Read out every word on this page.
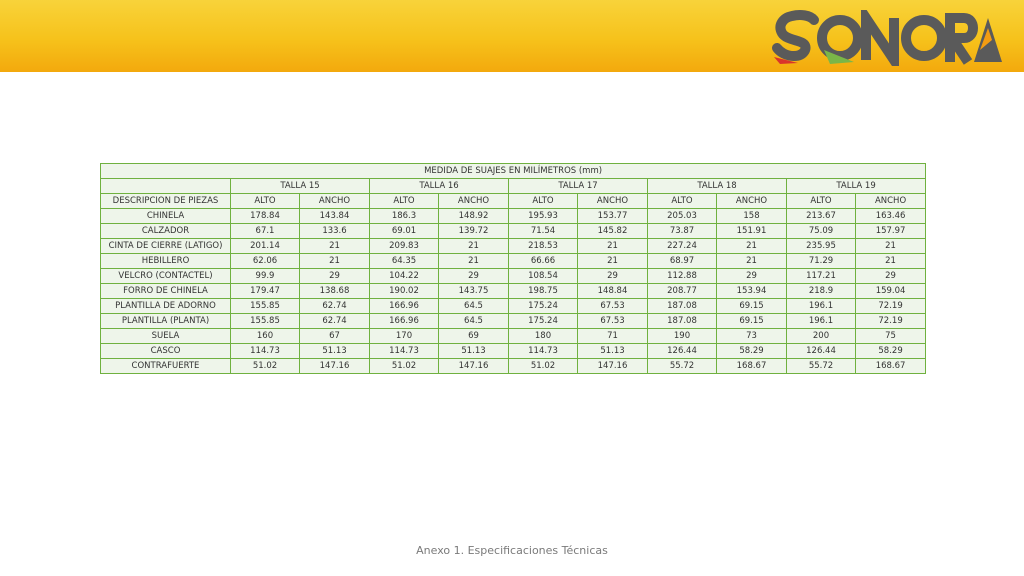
MEDIDA DE SUAJES EN MILÍMETROS (mm)										
	TALLA 15		TALLA 16		TALLA 17		TALLA 18		TALLA 19	
DESCRIPCION DE PIEZAS	ALTO	ANCHO	ALTO	ANCHO	ALTO	ANCHO	ALTO	ANCHO	ALTO	ANCHO
CHINELA	178.84	143.84	186.3	148.92	195.93	153.77	205.03	158	213.67	163.46
CALZADOR	67.1	133.6	69.01	139.72	71.54	145.82	73.87	151.91	75.09	157.97
CINTA DE CIERRE (LATIGO)	201.14	21	209.83	21	218.53	21	227.24	21	235.95	21
HEBILLERO	62.06	21	64.35	21	66.66	21	68.97	21	71.29	21
VELCRO (CONTACTEL)	99.9	29	104.22	29	108.54	29	112.88	29	117.21	29
FORRO DE CHINELA	179.47	138.68	190.02	143.75	198.75	148.84	208.77	153.94	218.9	159.04
PLANTILLA DE ADORNO	155.85	62.74	166.96	64.5	175.24	67.53	187.08	69.15	196.1	72.19
PLANTILLA (PLANTA)	155.85	62.74	166.96	64.5	175.24	67.53	187.08	69.15	196.1	72.19
SUELA	160	67	170	69	180	71	190	73	200	75
CASCO	114.73	51.13	114.73	51.13	114.73	51.13	126.44	58.29	126.44	58.29
CONTRAFUERTE	51.02	147.16	51.02	147.16	51.02	147.16	55.72	168.67	55.72	168.67
Anexo 1. Especificaciones Técnicas
